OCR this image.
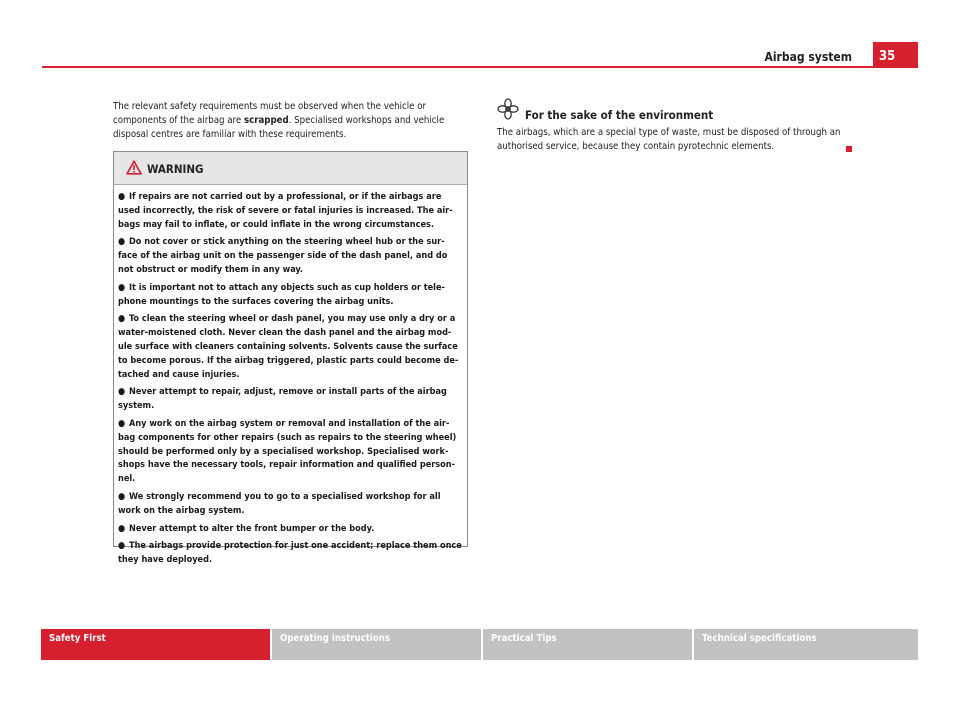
Airbag system	35

The relevant safety requirements must be observed when the vehicle or components of the airbag are scrapped. Specialised workshops and vehicle disposal centres are familiar with these requirements.

WARNING
● If repairs are not carried out by a professional, or if the airbags are used incorrectly, the risk of severe or fatal injuries is increased. The air-bags may fail to inflate, or could inflate in the wrong circumstances.
● Do not cover or stick anything on the steering wheel hub or the sur-face of the airbag unit on the passenger side of the dash panel, and do not obstruct or modify them in any way.
● It is important not to attach any objects such as cup holders or tele-phone mountings to the surfaces covering the airbag units.
● To clean the steering wheel or dash panel, you may use only a dry or a water-moistened cloth. Never clean the dash panel and the airbag mod-ule surface with cleaners containing solvents. Solvents cause the surface to become porous. If the airbag triggered, plastic parts could become de-tached and cause injuries.
● Never attempt to repair, adjust, remove or install parts of the airbag system.
● Any work on the airbag system or removal and installation of the air-bag components for other repairs (such as repairs to the steering wheel) should be performed only by a specialised workshop. Specialised work-shops have the necessary tools, repair information and qualified person-nel.
● We strongly recommend you to go to a specialised workshop for all work on the airbag system.
● Never attempt to alter the front bumper or the body.
● The airbags provide protection for just one accident; replace them once they have deployed.
For the sake of the environment

The airbags, which are a special type of waste, must be disposed of through an authorised service, because they contain pyrotechnic elements.

Safety First	Operating instructions	Practical Tips	Technical specifications
